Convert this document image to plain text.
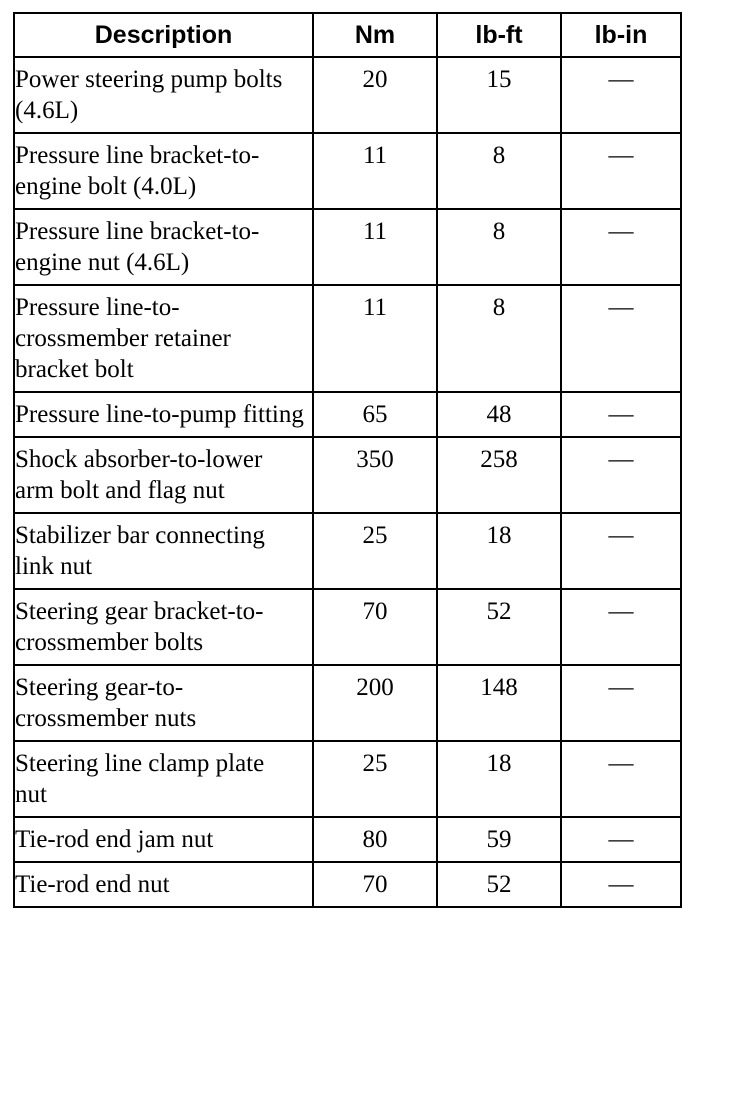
Description	Nm	lb-ft	lb-in
Power steering pump bolts (4.6L)	20	15	—
Pressure line bracket-to-engine bolt (4.0L)	11	8	—
Pressure line bracket-to-engine nut (4.6L)	11	8	—
Pressure line-to-crossmember retainer bracket bolt	11	8	—
Pressure line-to-pump fitting	65	48	—
Shock absorber-to-lower arm bolt and flag nut	350	258	—
Stabilizer bar connecting link nut	25	18	—
Steering gear bracket-to-crossmember bolts	70	52	—
Steering gear-to-crossmember nuts	200	148	—
Steering line clamp plate nut	25	18	—
Tie-rod end jam nut	80	59	—
Tie-rod end nut	70	52	—
